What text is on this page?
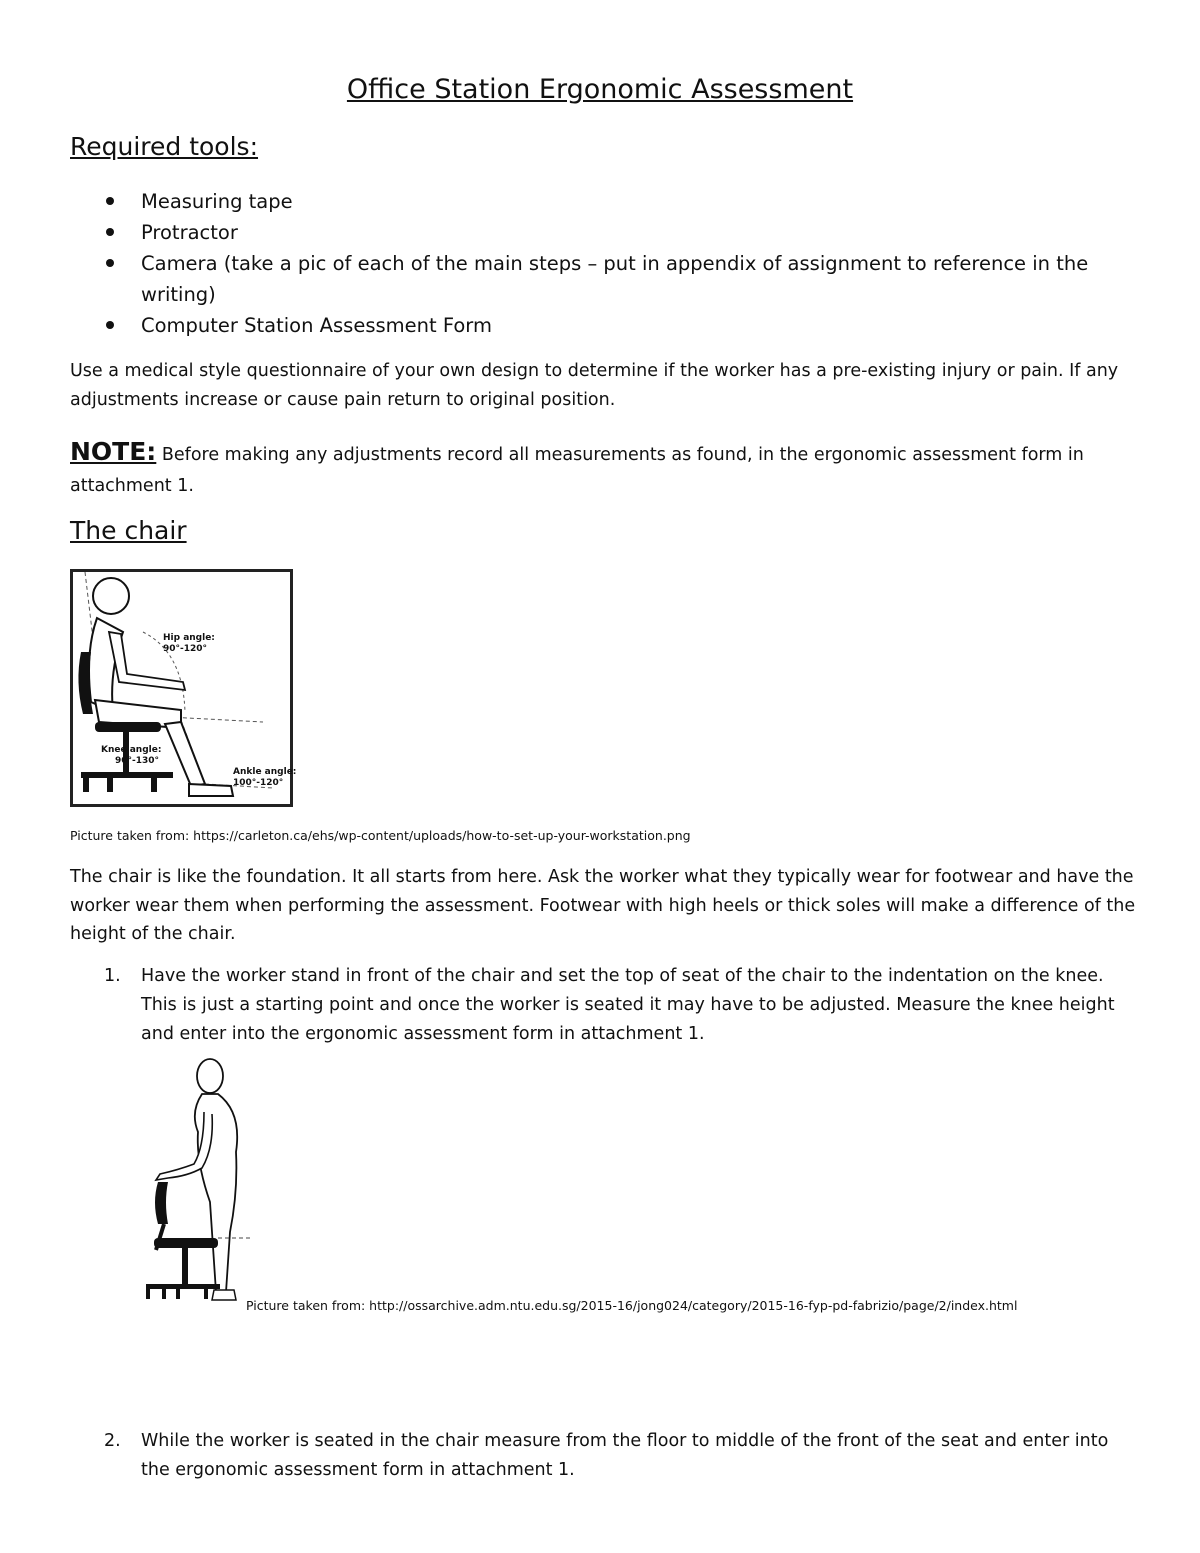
Office Station Ergonomic Assessment
Required tools:
Measuring tape
Protractor
Camera (take a pic of each of the main steps – put in appendix of assignment to reference in the writing)
Computer Station Assessment Form

Use a medical style questionnaire of your own design to determine if the worker has a pre-existing injury or pain. If any adjustments increase or cause pain return to original position.

NOTE: Before making any adjustments record all measurements as found, in the ergonomic assessment form in attachment 1.

The chair
Hip angle:
90°-120°
Knee angle:
90°-130°
Ankle angle:
100°-120°
Picture taken from: https://carleton.ca/ehs/wp-content/uploads/how-to-set-up-your-workstation.png

The chair is like the foundation. It all starts from here. Ask the worker what they typically wear for footwear and have the worker wear them when performing the assessment. Footwear with high heels or thick soles will make a difference of the height of the chair.

1. Have the worker stand in front of the chair and set the top of seat of the chair to the indentation on the knee. This is just a starting point and once the worker is seated it may have to be adjusted. Measure the knee height and enter into the ergonomic assessment form in attachment 1.
Picture taken from: http://ossarchive.adm.ntu.edu.sg/2015-16/jong024/category/2015-16-fyp-pd-fabrizio/page/2/index.html
2. While the worker is seated in the chair measure from the floor to middle of the front of the seat and enter into the ergonomic assessment form in attachment 1.
